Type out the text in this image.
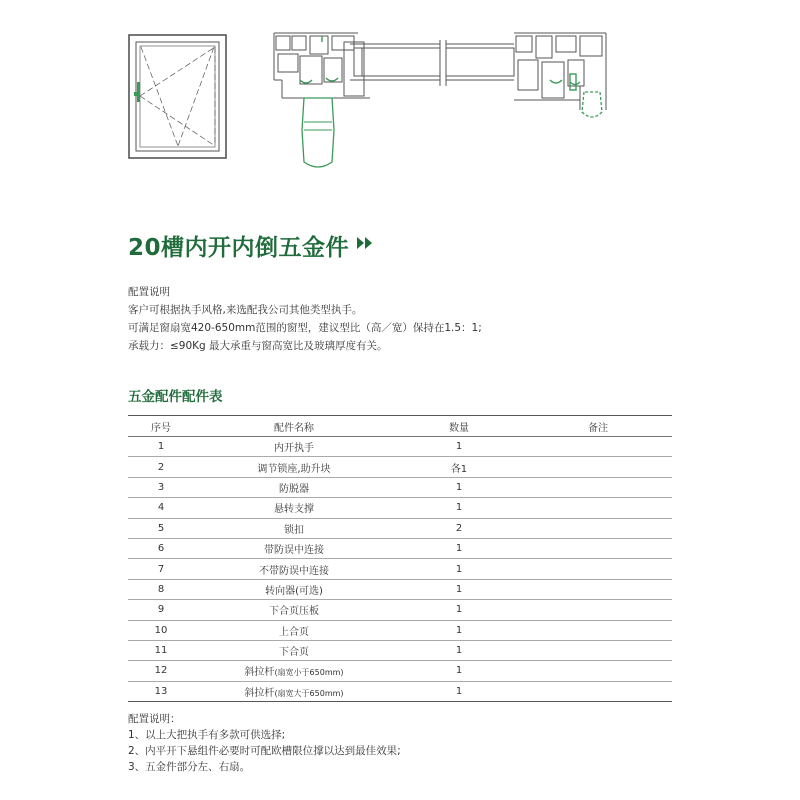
20槽内开内倒五金件
配置说明
客户可根据执手风格,来选配我公司其他类型执手。
可满足窗扇宽420-650mm范围的窗型，建议型比（高／宽）保持在1.5：1;
承载力：≤90Kg 最大承重与窗高宽比及玻璃厚度有关。
五金配件配件表
序号	配件名称	数量	备注
1	内开执手	1	
2	调节锁座,助升块	各1	
3	防脱器	1	
4	悬转支撑	1	
5	锁扣	2	
6	带防误中连接	1	
7	不带防误中连接	1	
8	转向器(可选)	1	
9	下合页压板	1	
10	上合页	1	
11	下合页	1	
12	斜拉杆(扇宽小于650mm)	1	
13	斜拉杆(扇宽大于650mm)	1	
配置说明：
1、以上大把执手有多款可供选择;
2、内平开下悬组件必要时可配欧槽限位撑以达到最佳效果;
3、五金件部分左、右扇。
